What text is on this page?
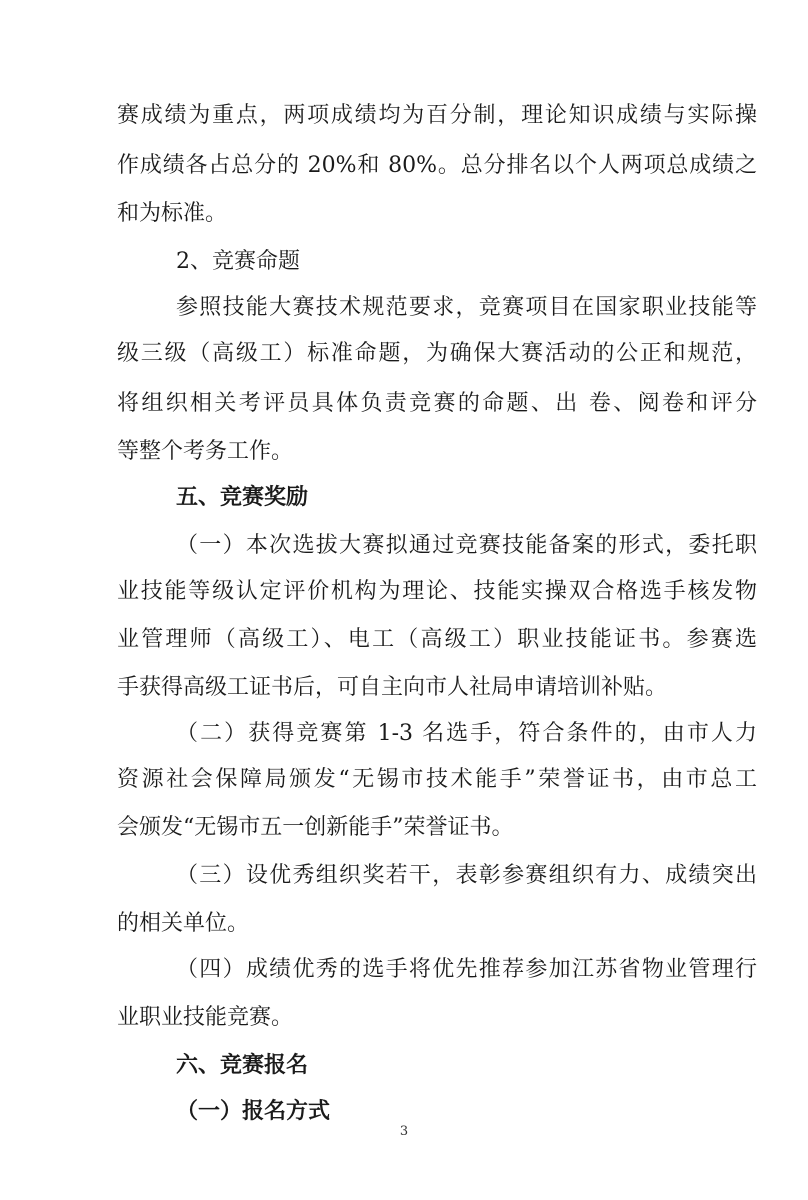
赛成绩为重点，两项成绩均为百分制，理论知识成绩与实际操
作成绩各占总分的 20%和 80%。总分排名以个人两项总成绩之
和为标准。
2、竞赛命题
参照技能大赛技术规范要求，竞赛项目在国家职业技能等
级三级（高级工）标准命题，为确保大赛活动的公正和规范，
将组织相关考评员具体负责竞赛的命题、出 卷、阅卷和评分
等整个考务工作。
五、竞赛奖励
（一）本次选拔大赛拟通过竞赛技能备案的形式，委托职
业技能等级认定评价机构为理论、技能实操双合格选手核发物
业管理师（高级工）、电工（高级工）职业技能证书。参赛选
手获得高级工证书后，可自主向市人社局申请培训补贴。
（二）获得竞赛第 1-3 名选手，符合条件的，由市人力
资源社会保障局颁发“无锡市技术能手”荣誉证书，由市总工
会颁发“无锡市五一创新能手”荣誉证书。
（三）设优秀组织奖若干，表彰参赛组织有力、成绩突出
的相关单位。
（四）成绩优秀的选手将优先推荐参加江苏省物业管理行
业职业技能竞赛。
六、竞赛报名
（一）报名方式
3
